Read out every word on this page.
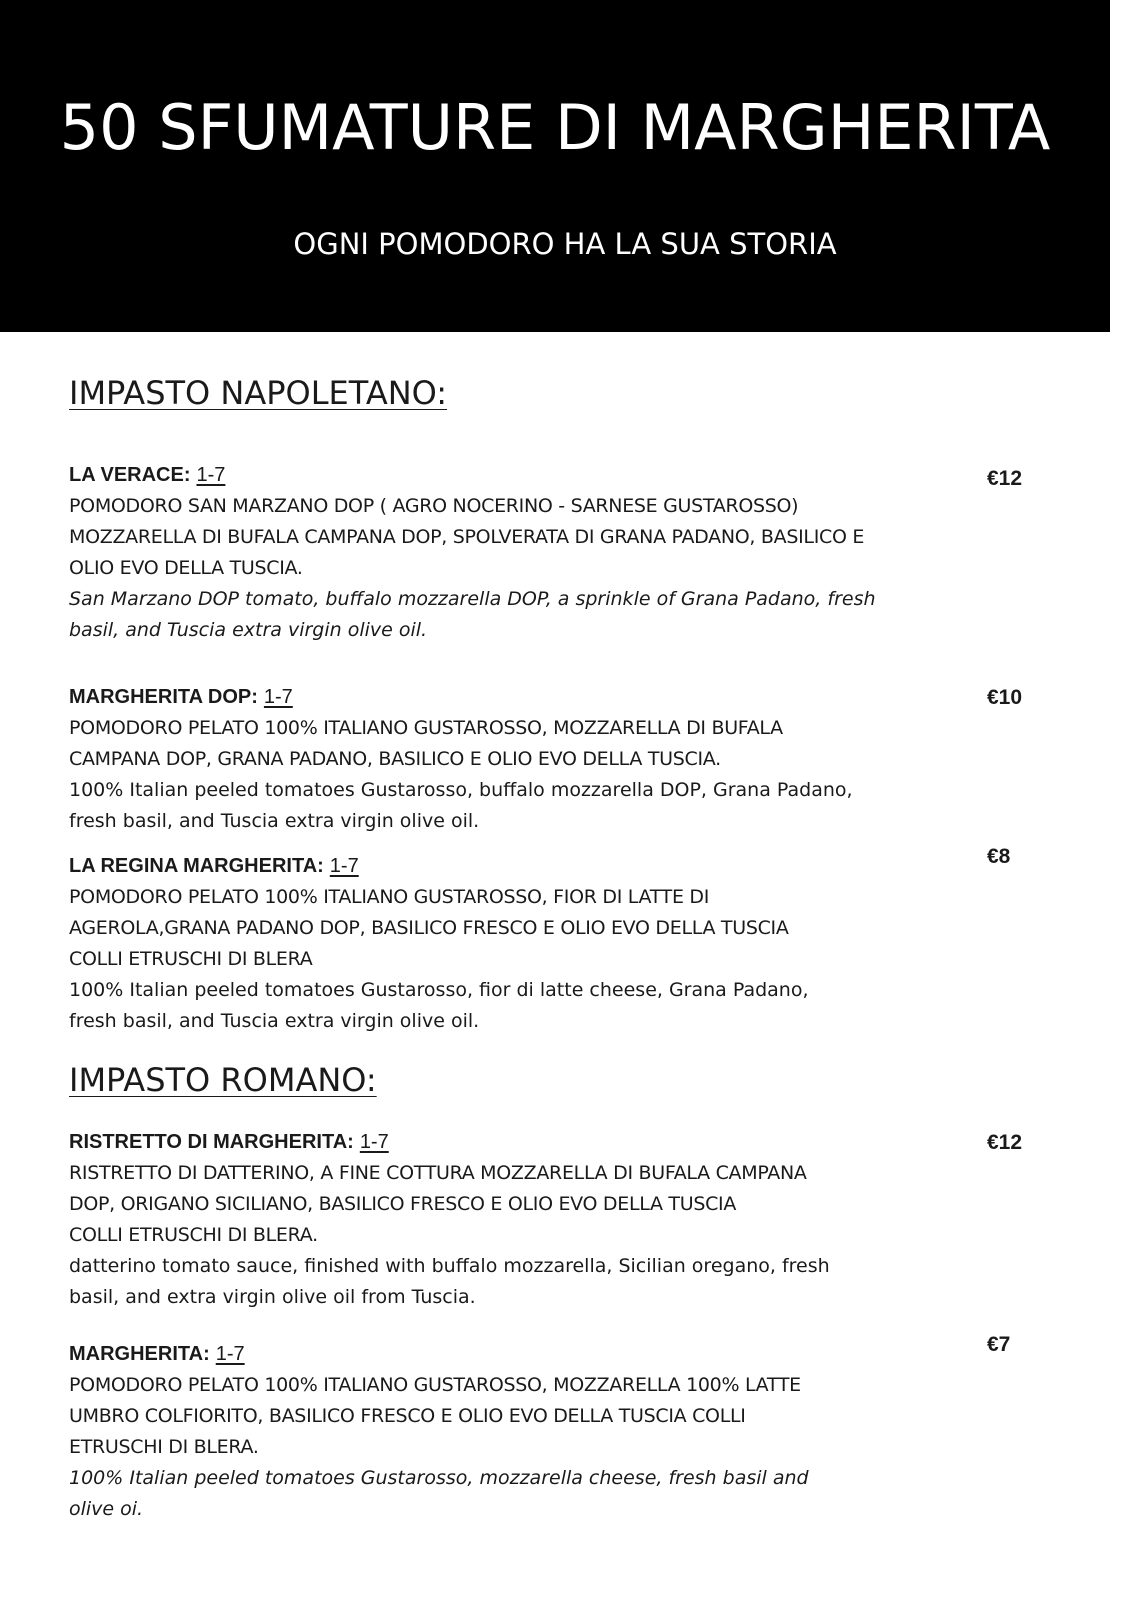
50 SFUMATURE DI MARGHERITA
OGNI POMODORO HA LA SUA STORIA
IMPASTO NAPOLETANO:
LA VERACE: 1-7
POMODORO SAN MARZANO DOP ( AGRO NOCERINO - SARNESE GUSTAROSSO)
MOZZARELLA DI BUFALA CAMPANA DOP, SPOLVERATA DI GRANA PADANO, BASILICO E
OLIO EVO DELLA TUSCIA.
San Marzano DOP tomato, buffalo mozzarella DOP, a sprinkle of Grana Padano, fresh
basil, and Tuscia extra virgin olive oil.
€12
MARGHERITA DOP: 1-7
POMODORO PELATO 100% ITALIANO GUSTAROSSO, MOZZARELLA DI BUFALA
CAMPANA DOP, GRANA PADANO, BASILICO E OLIO EVO DELLA TUSCIA.
100% Italian peeled tomatoes Gustarosso, buffalo mozzarella DOP, Grana Padano,
fresh basil, and Tuscia extra virgin olive oil.
€10
LA REGINA MARGHERITA: 1-7
POMODORO PELATO 100% ITALIANO GUSTAROSSO, FIOR DI LATTE DI
AGEROLA,GRANA PADANO DOP, BASILICO FRESCO E OLIO EVO DELLA TUSCIA
COLLI ETRUSCHI DI BLERA
100% Italian peeled tomatoes Gustarosso, fior di latte cheese, Grana Padano,
fresh basil, and Tuscia extra virgin olive oil.
€8
IMPASTO ROMANO:
RISTRETTO DI MARGHERITA: 1-7
RISTRETTO DI DATTERINO, A FINE COTTURA MOZZARELLA DI BUFALA CAMPANA
DOP, ORIGANO SICILIANO, BASILICO FRESCO E OLIO EVO DELLA TUSCIA
COLLI ETRUSCHI DI BLERA.
datterino tomato sauce, finished with buffalo mozzarella, Sicilian oregano, fresh
basil, and extra virgin olive oil from Tuscia.
€12
MARGHERITA: 1-7
POMODORO PELATO 100% ITALIANO GUSTAROSSO, MOZZARELLA 100% LATTE
UMBRO COLFIORITO, BASILICO FRESCO E OLIO EVO DELLA TUSCIA COLLI
ETRUSCHI DI BLERA.
100% Italian peeled tomatoes Gustarosso, mozzarella cheese, fresh basil and
olive oi.
€7
